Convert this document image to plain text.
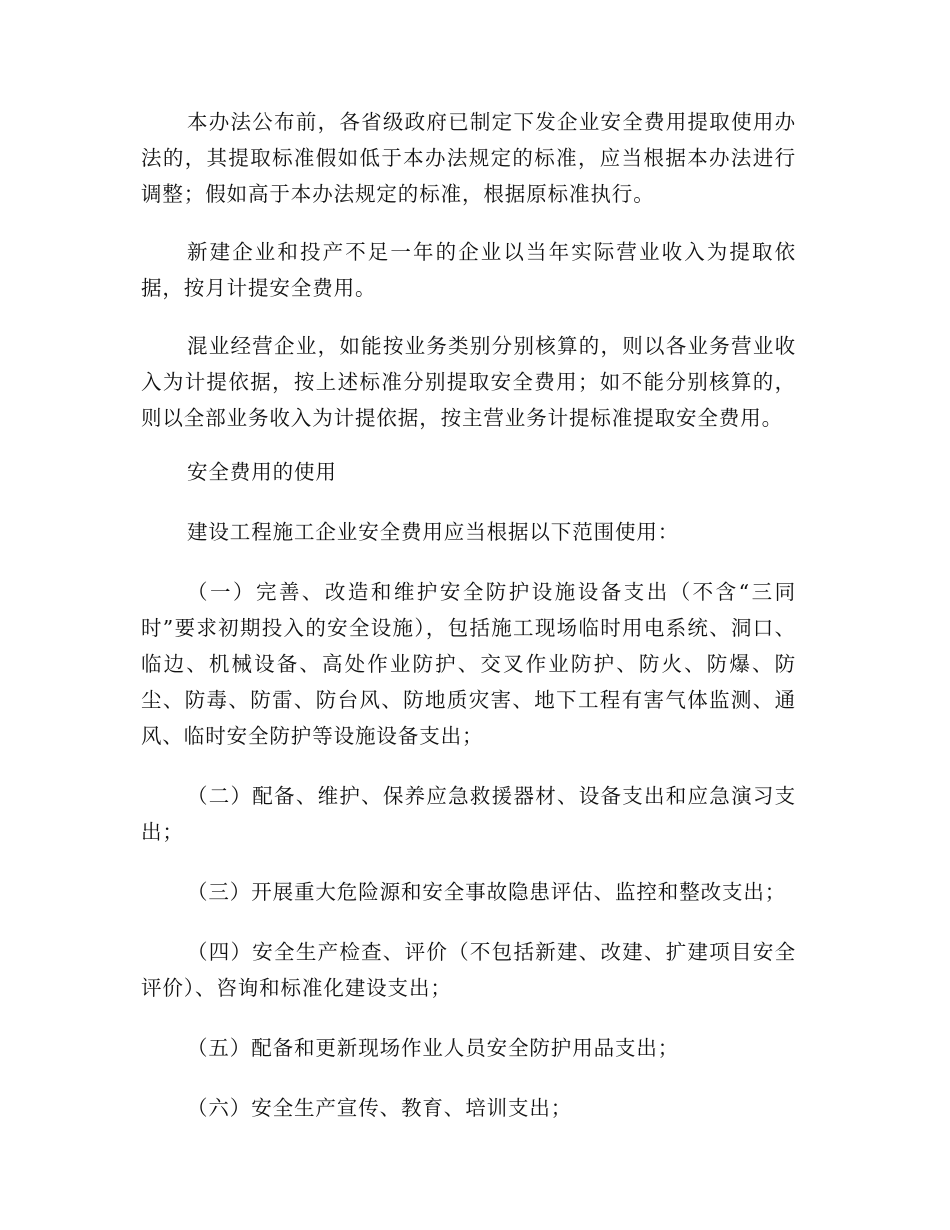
本办法公布前，各省级政府已制定下发企业安全费用提取使用办法的，其提取标准假如低于本办法规定的标准，应当根据本办法进行调整；假如高于本办法规定的标准，根据原标准执行。

新建企业和投产不足一年的企业以当年实际营业收入为提取依据，按月计提安全费用。

混业经营企业，如能按业务类别分别核算的，则以各业务营业收入为计提依据，按上述标准分别提取安全费用；如不能分别核算的，则以全部业务收入为计提依据，按主营业务计提标准提取安全费用。

安全费用的使用

建设工程施工企业安全费用应当根据以下范围使用：

（一）完善、改造和维护安全防护设施设备支出（不含“三同时”要求初期投入的安全设施），包括施工现场临时用电系统、洞口、临边、机械设备、高处作业防护、交叉作业防护、防火、防爆、防尘、防毒、防雷、防台风、防地质灾害、地下工程有害气体监测、通风、临时安全防护等设施设备支出；

（二）配备、维护、保养应急救援器材、设备支出和应急演习支出；

（三）开展重大危险源和安全事故隐患评估、监控和整改支出；

（四）安全生产检查、评价（不包括新建、改建、扩建项目安全评价）、咨询和标准化建设支出；

（五）配备和更新现场作业人员安全防护用品支出；

（六）安全生产宣传、教育、培训支出；
